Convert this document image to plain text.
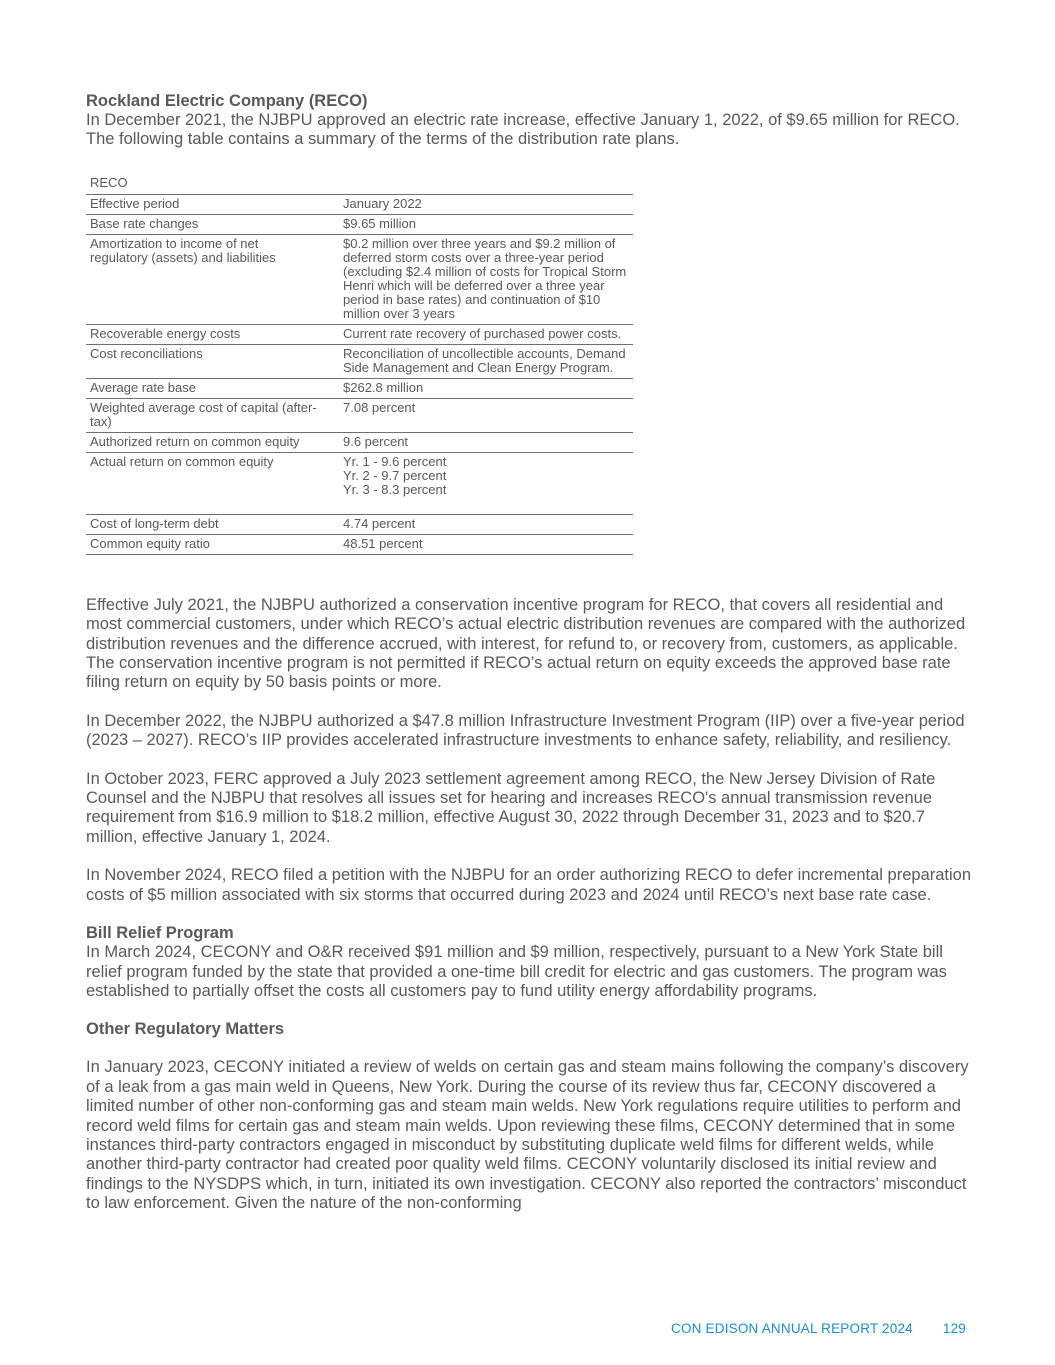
Rockland Electric Company (RECO)

In December 2021, the NJBPU approved an electric rate increase, effective January 1, 2022, of $9.65 million for RECO. The following table contains a summary of the terms of the distribution rate plans.

RECO	
Effective period	January 2022
Base rate changes	$9.65 million
Amortization to income of net regulatory (assets) and liabilities	$0.2 million over three years and $9.2 million of deferred storm costs over a three-year period (excluding $2.4 million of costs for Tropical Storm Henri which will be deferred over a three year period in base rates) and continuation of $10 million over 3 years
Recoverable energy costs	Current rate recovery of purchased power costs.
Cost reconciliations	Reconciliation of uncollectible accounts, Demand Side Management and Clean Energy Program.
Average rate base	$262.8 million
Weighted average cost of capital (after-tax)	7.08 percent
Authorized return on common equity	9.6 percent
Actual return on common equity	Yr. 1 - 9.6 percent
Yr. 2 - 9.7 percent
Yr. 3 - 8.3 percent

Cost of long-term debt	4.74 percent
Common equity ratio	48.51 percent

Effective July 2021, the NJBPU authorized a conservation incentive program for RECO, that covers all residential and most commercial customers, under which RECO’s actual electric distribution revenues are compared with the authorized distribution revenues and the difference accrued, with interest, for refund to, or recovery from, customers, as applicable. The conservation incentive program is not permitted if RECO’s actual return on equity exceeds the approved base rate filing return on equity by 50 basis points or more.

In December 2022, the NJBPU authorized a $47.8 million Infrastructure Investment Program (IIP) over a five-year period (2023 – 2027). RECO’s IIP provides accelerated infrastructure investments to enhance safety, reliability, and resiliency.

In October 2023, FERC approved a July 2023 settlement agreement among RECO, the New Jersey Division of Rate Counsel and the NJBPU that resolves all issues set for hearing and increases RECO's annual transmission revenue requirement from $16.9 million to $18.2 million, effective August 30, 2022 through December 31, 2023 and to $20.7 million, effective January 1, 2024.

In November 2024, RECO filed a petition with the NJBPU for an order authorizing RECO to defer incremental preparation costs of $5 million associated with six storms that occurred during 2023 and 2024 until RECO’s next base rate case.

Bill Relief Program

In March 2024, CECONY and O&R received $91 million and $9 million, respectively, pursuant to a New York State bill relief program funded by the state that provided a one-time bill credit for electric and gas customers. The program was established to partially offset the costs all customers pay to fund utility energy affordability programs.

Other Regulatory Matters

In January 2023, CECONY initiated a review of welds on certain gas and steam mains following the company’s discovery of a leak from a gas main weld in Queens, New York. During the course of its review thus far, CECONY discovered a limited number of other non-conforming gas and steam main welds. New York regulations require utilities to perform and record weld films for certain gas and steam main welds. Upon reviewing these films, CECONY determined that in some instances third-party contractors engaged in misconduct by substituting duplicate weld films for different welds, while another third-party contractor had created poor quality weld films. CECONY voluntarily disclosed its initial review and findings to the NYSDPS which, in turn, initiated its own investigation. CECONY also reported the contractors’ misconduct to law enforcement. Given the nature of the non-conforming

CON EDISON ANNUAL REPORT 2024 129
